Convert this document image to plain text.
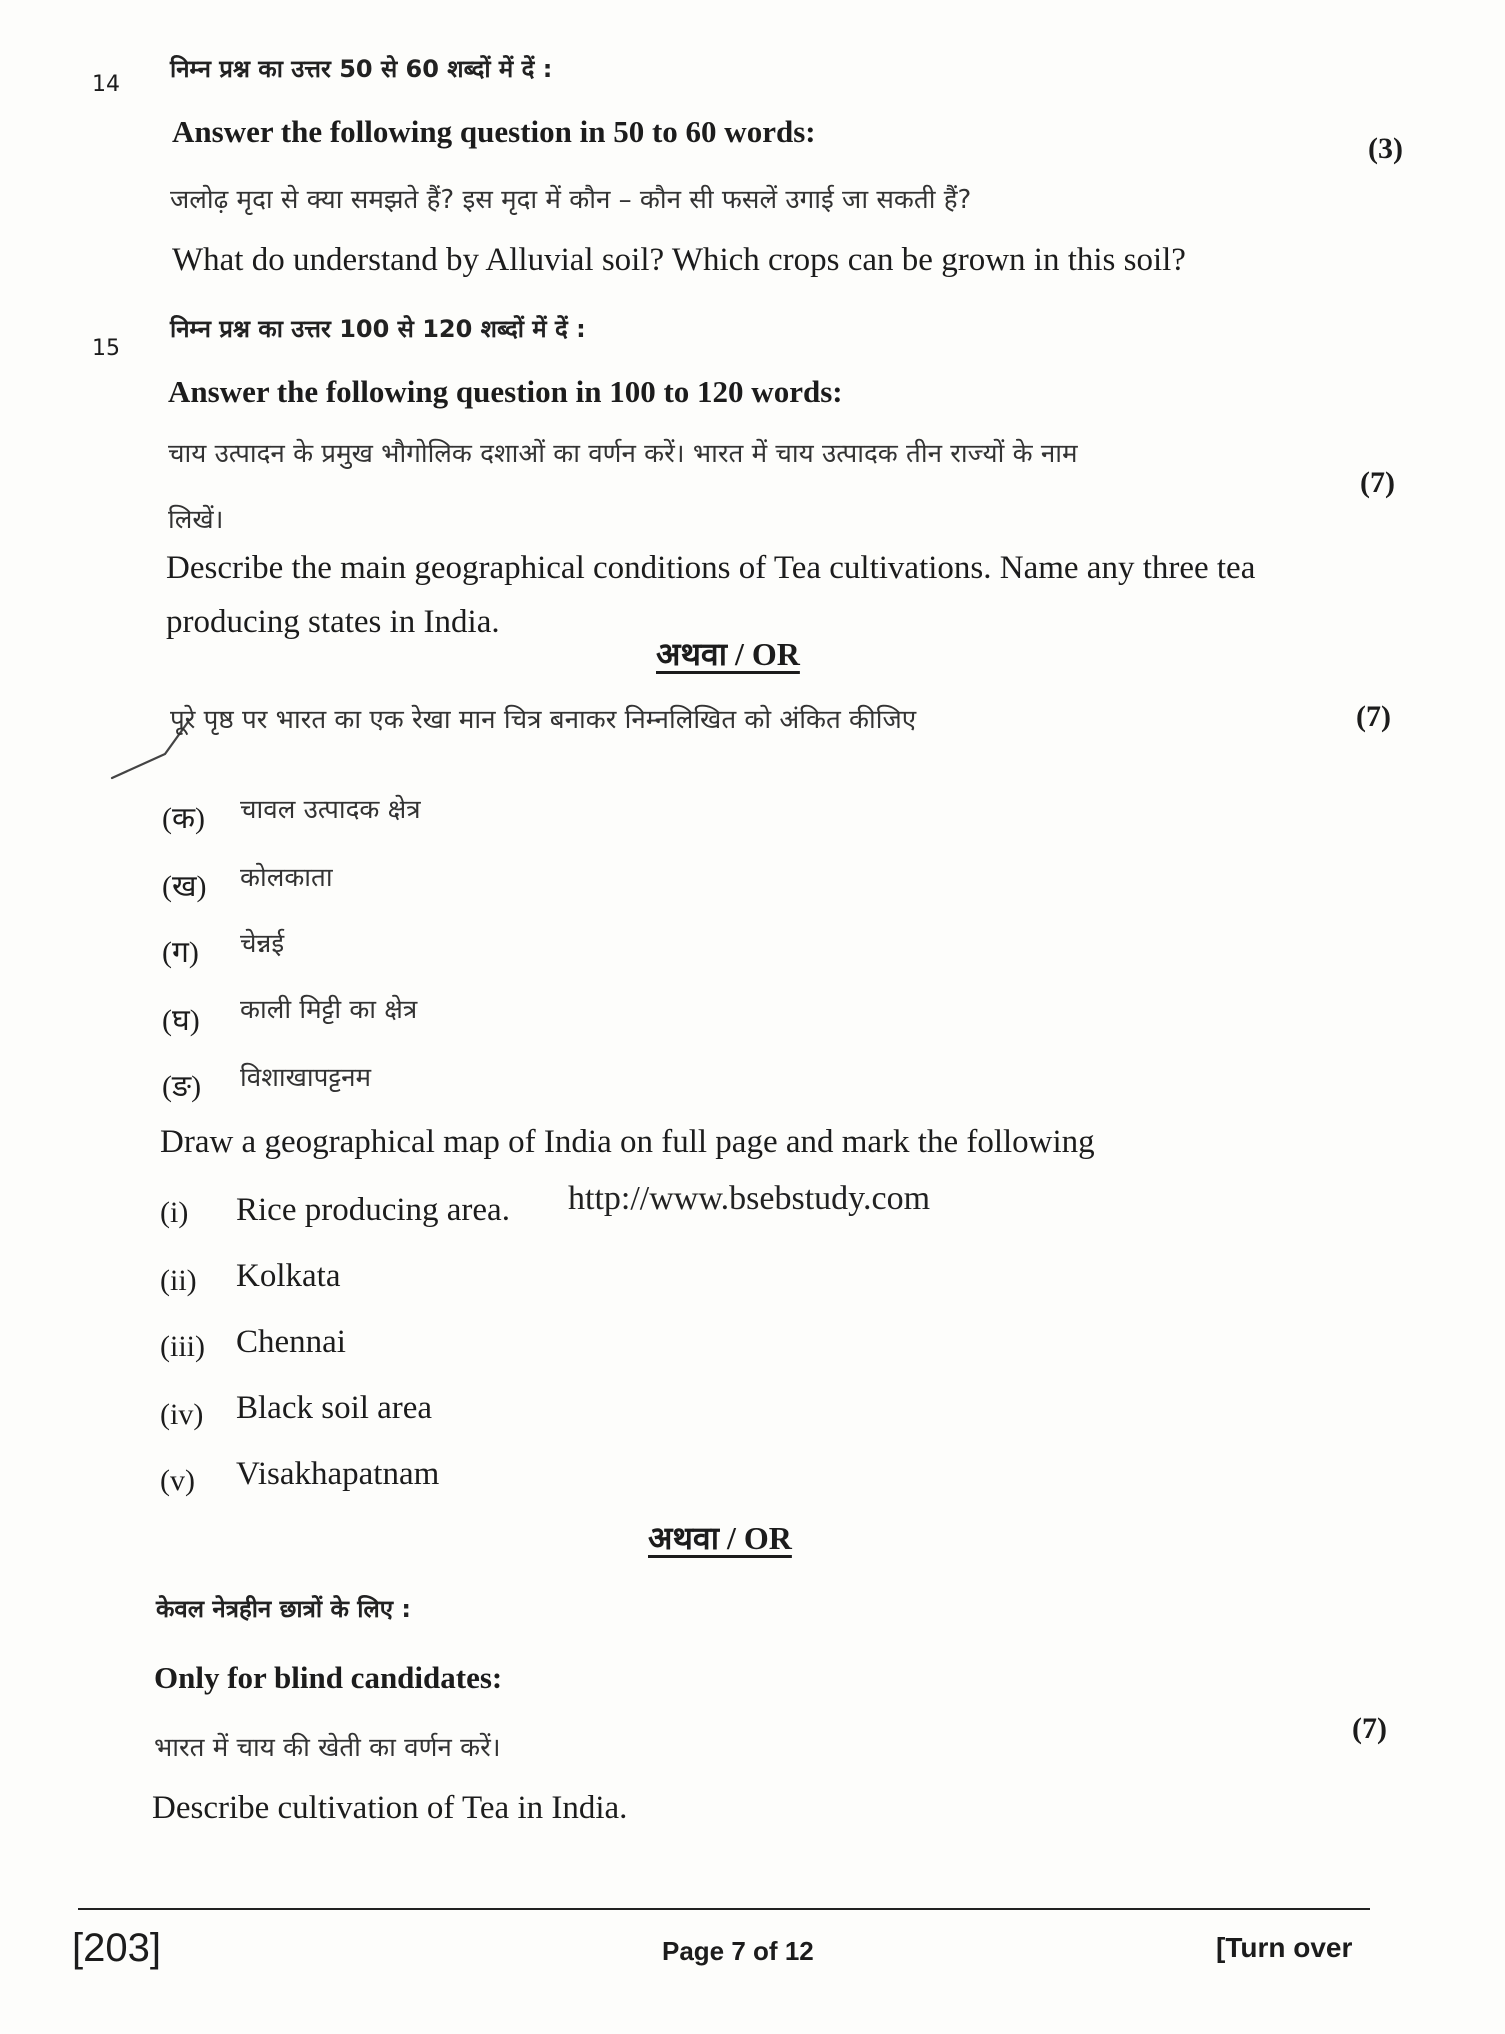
14
निम्न प्रश्न का उत्तर 50 से 60 शब्दों में दें :
Answer the following question in 50 to 60 words:	(3)
जलोढ़ मृदा से क्या समझते हैं? इस मृदा में कौन – कौन सी फसलें उगाई जा सकती हैं?
What do understand by Alluvial soil? Which crops can be grown in this soil?
15
निम्न प्रश्न का उत्तर 100 से 120 शब्दों में दें :
Answer the following question in 100 to 120 words:
चाय उत्पादन के प्रमुख भौगोलिक दशाओं का वर्णन करें। भारत में चाय उत्पादक तीन राज्यों के नाम
(7)
लिखें।
Describe the main geographical conditions of Tea cultivations. Name any three tea
producing states in India.
अथवा / OR
पूरे पृष्ठ पर भारत का एक रेखा मान चित्र बनाकर निम्नलिखित को अंकित कीजिए	(7)
(क) चावल उत्पादक क्षेत्र
(ख) कोलकाता
(ग) चेन्नई
(घ) काली मिट्टी का क्षेत्र
(ङ) विशाखापट्टनम
Draw a geographical map of India on full page and mark the following
(i) Rice producing area.
(ii) Kolkata
(iii) Chennai
(iv) Black soil area
(v) Visakhapatnam
http://www.bsebstudy.com
अथवा / OR
केवल नेत्रहीन छात्रों के लिए :
Only for blind candidates:
भारत में चाय की खेती का वर्णन करें।
(7)
Describe cultivation of Tea in India.
[203]	Page 7 of 12	[Turn over
